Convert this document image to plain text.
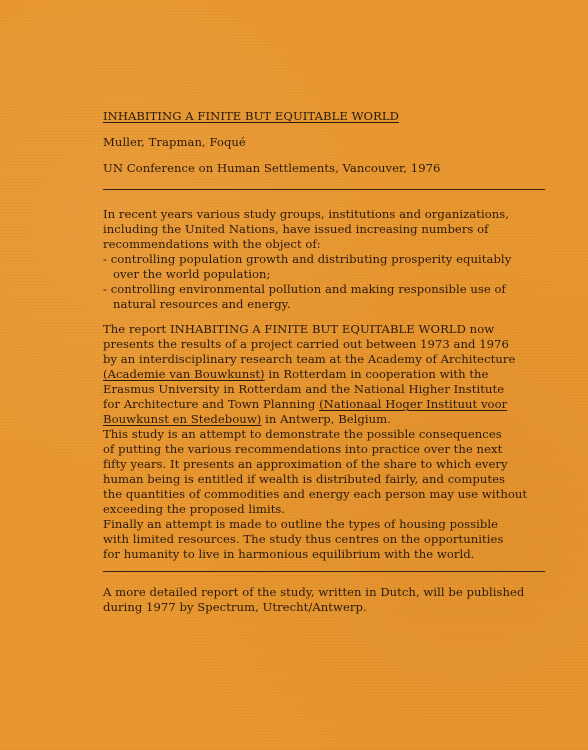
INHABITING A FINITE BUT EQUITABLE WORLD
Muller, Trapman, Foqué
UN Conference on Human Settlements, Vancouver, 1976
In recent years various study groups, institutions and organizations,
including the United Nations, have issued increasing numbers of
recommendations with the object of:
- controlling population growth and distributing prosperity equitably
over the world population;
- controlling environmental pollution and making responsible use of
natural resources and energy.
The report INHABITING A FINITE BUT EQUITABLE WORLD now
presents the results of a project carried out between 1973 and 1976
by an interdisciplinary research team at the Academy of Architecture
(Academie van Bouwkunst) in Rotterdam in cooperation with the
Erasmus University in Rotterdam and the National Higher Institute
for Architecture and Town Planning (Nationaal Hoger Instituut voor
Bouwkunst en Stedebouw) in Antwerp, Belgium.
This study is an attempt to demonstrate the possible consequences
of putting the various recommendations into practice over the next
fifty years. It presents an approximation of the share to which every
human being is entitled if wealth is distributed fairly, and computes
the quantities of commodities and energy each person may use without
exceeding the proposed limits.
Finally an attempt is made to outline the types of housing possible
with limited resources. The study thus centres on the opportunities
for humanity to live in harmonious equilibrium with the world.
A more detailed report of the study, written in Dutch, will be published
during 1977 by Spectrum, Utrecht/Antwerp.
